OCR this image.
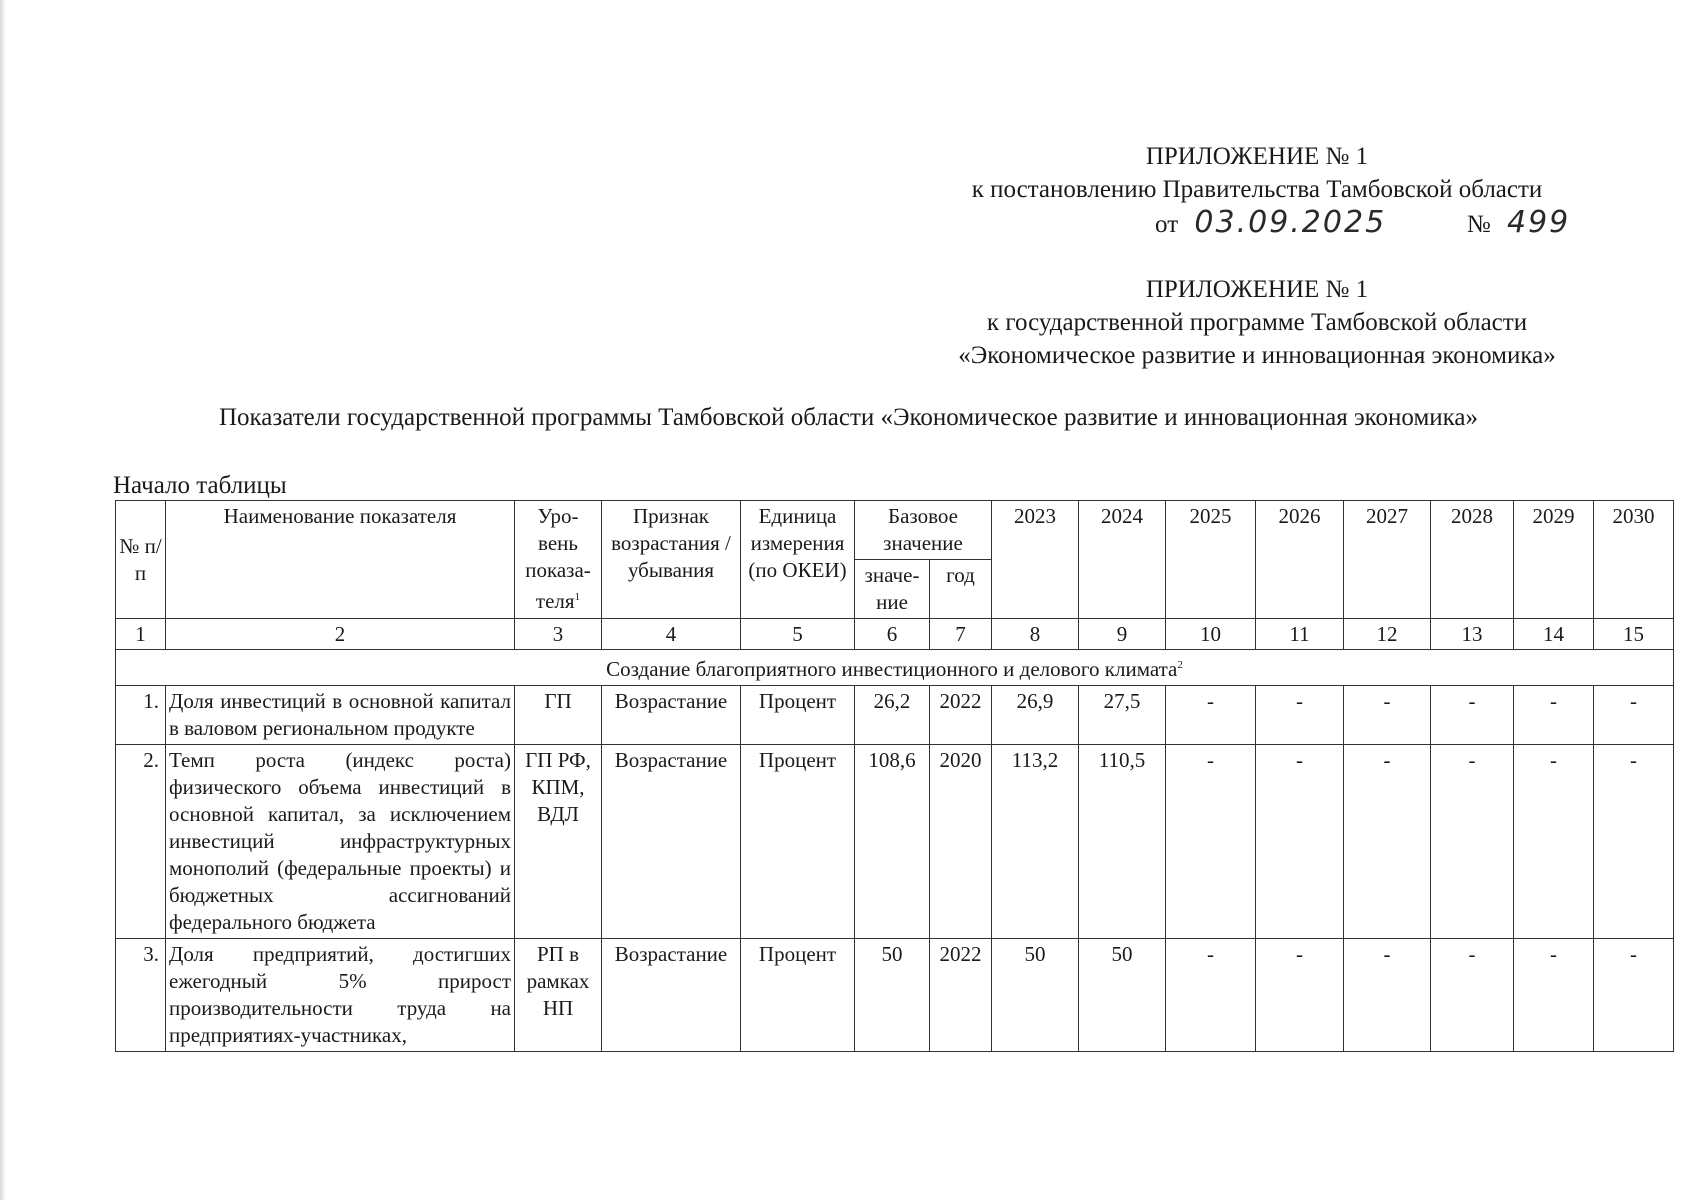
ПРИЛОЖЕНИЕ № 1
к постановлению Правительства Тамбовской области
от 03.09.2025	№ 499
ПРИЛОЖЕНИЕ № 1
к государственной программе Тамбовской области
«Экономическое развитие и инновационная экономика»
Показатели государственной программы Тамбовской области «Экономическое развитие и инновационная экономика»
Начало таблицы
№ п/п	Наименование показателя	Уро-вень показа-теля$^1$	Признак возрастания / убывания	Единица измерения (по ОКЕИ)	Базовое значение		2023	2024	2025	2026	2027	2028	2029	2030
					значе-ние	год								
1	2	3	4	5	6	7	8	9	10	11	12	13	14	15
Создание благоприятного инвестиционного и делового климата$^2$
1.	Доля инвестиций в основной капитал в валовом региональном продукте	ГП	Возрастание	Процент	26,2	2022	26,9	27,5	-	-	-	-	-	-
2.	Темп роста (индекс роста) физического объема инвестиций в основной капитал, за исключением инвестиций инфраструктурных монополий (федеральные проекты) и бюджетных ассигнований федерального бюджета	ГП РФ, КПМ, ВДЛ	Возрастание	Процент	108,6	2020	113,2	110,5	-	-	-	-	-	-
3.	Доля предприятий, достигших ежегодный 5% прирост производительности труда на предприятиях-участниках,	РП в рамках НП	Возрастание	Процент	50	2022	50	50	-	-	-	-	-	-
